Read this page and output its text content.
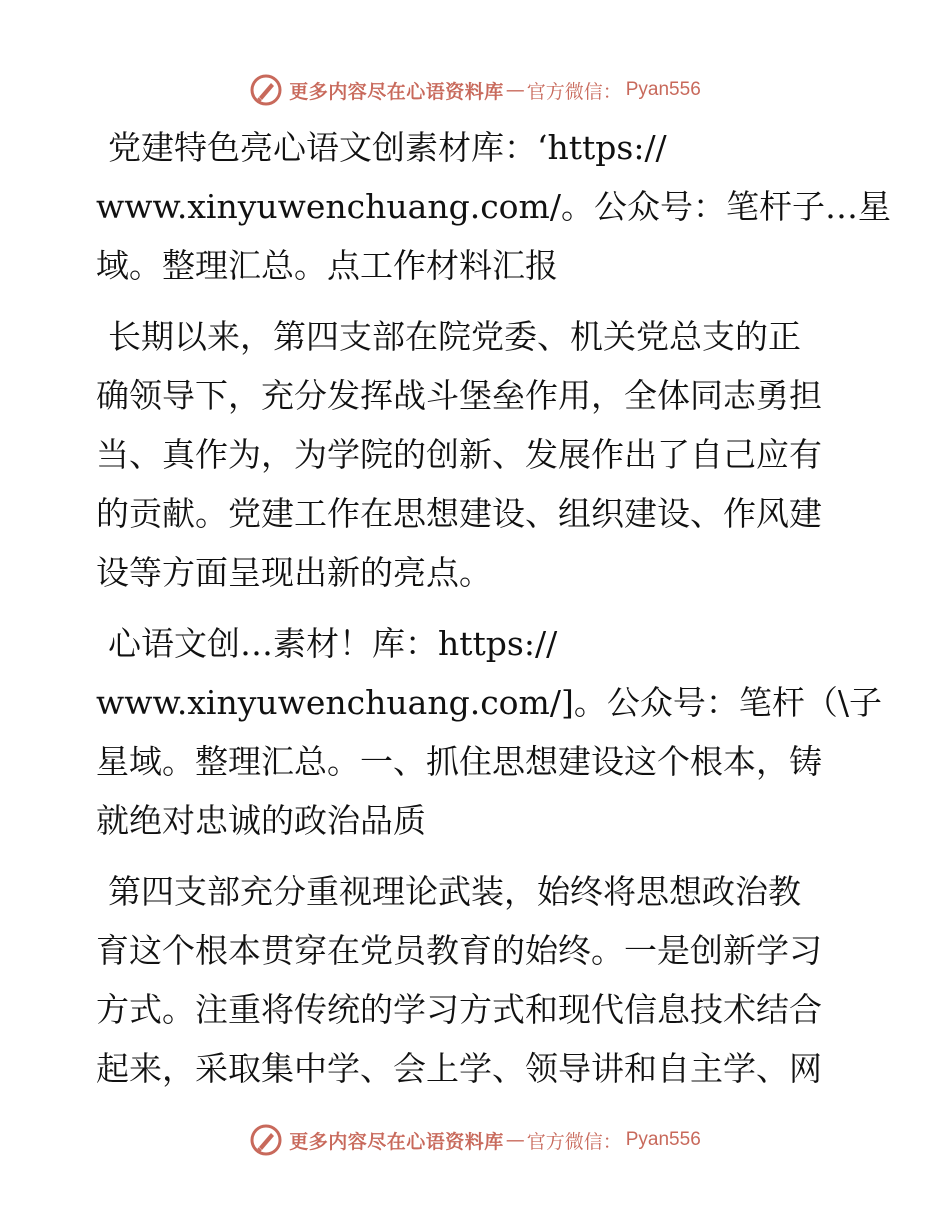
更多内容尽在心语资料库 — 官方微信： Pyan556

党建特色亮心语文创素材库：‘https://
www.xinyuwenchuang.com/。公众号：笔杆子…星
域。整理汇总。点工作材料汇报

长期以来，第四支部在院党委、机关党总支的正
确领导下，充分发挥战斗堡垒作用，全体同志勇担
当、真作为，为学院的创新、发展作出了自己应有
的贡献。党建工作在思想建设、组织建设、作风建
设等方面呈现出新的亮点。

心语文创…素材！库：https://
www.xinyuwenchuang.com/]。公众号：笔杆（\子
星域。整理汇总。一、抓住思想建设这个根本，铸
就绝对忠诚的政治品质

第四支部充分重视理论武装，始终将思想政治教
育这个根本贯穿在党员教育的始终。一是创新学习
方式。注重将传统的学习方式和现代信息技术结合
起来，采取集中学、会上学、领导讲和自主学、网

更多内容尽在心语资料库 — 官方微信： Pyan556
